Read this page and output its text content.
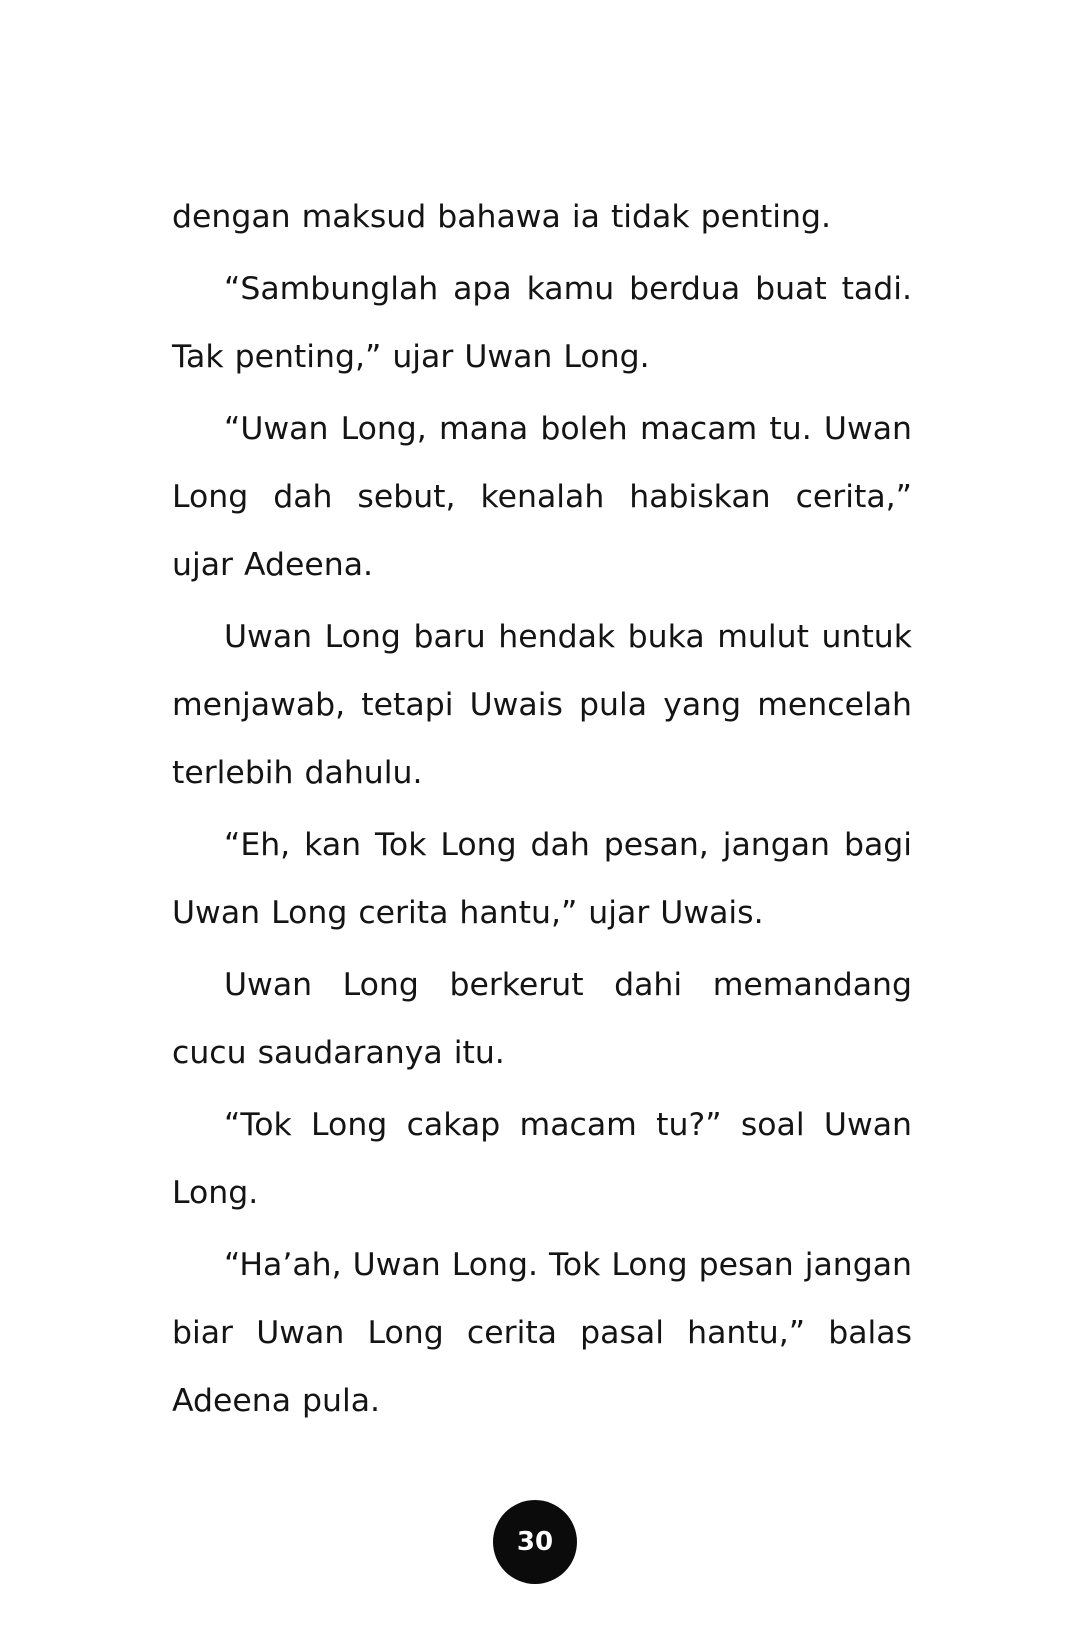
dengan maksud bahawa ia tidak penting.

“Sambunglah apa kamu berdua buat tadi. Tak penting,” ujar Uwan Long.

“Uwan Long, mana boleh macam tu. Uwan Long dah sebut, kenalah habiskan cerita,” ujar Adeena.

Uwan Long baru hendak buka mulut untuk menjawab, tetapi Uwais pula yang mencelah terlebih dahulu.

“Eh, kan Tok Long dah pesan, jangan bagi Uwan Long cerita hantu,” ujar Uwais.

Uwan Long berkerut dahi memandang cucu saudaranya itu.

“Tok Long cakap macam tu?” soal Uwan Long.

“Ha’ah, Uwan Long. Tok Long pesan jangan biar Uwan Long cerita pasal hantu,” balas Adeena pula.

30
